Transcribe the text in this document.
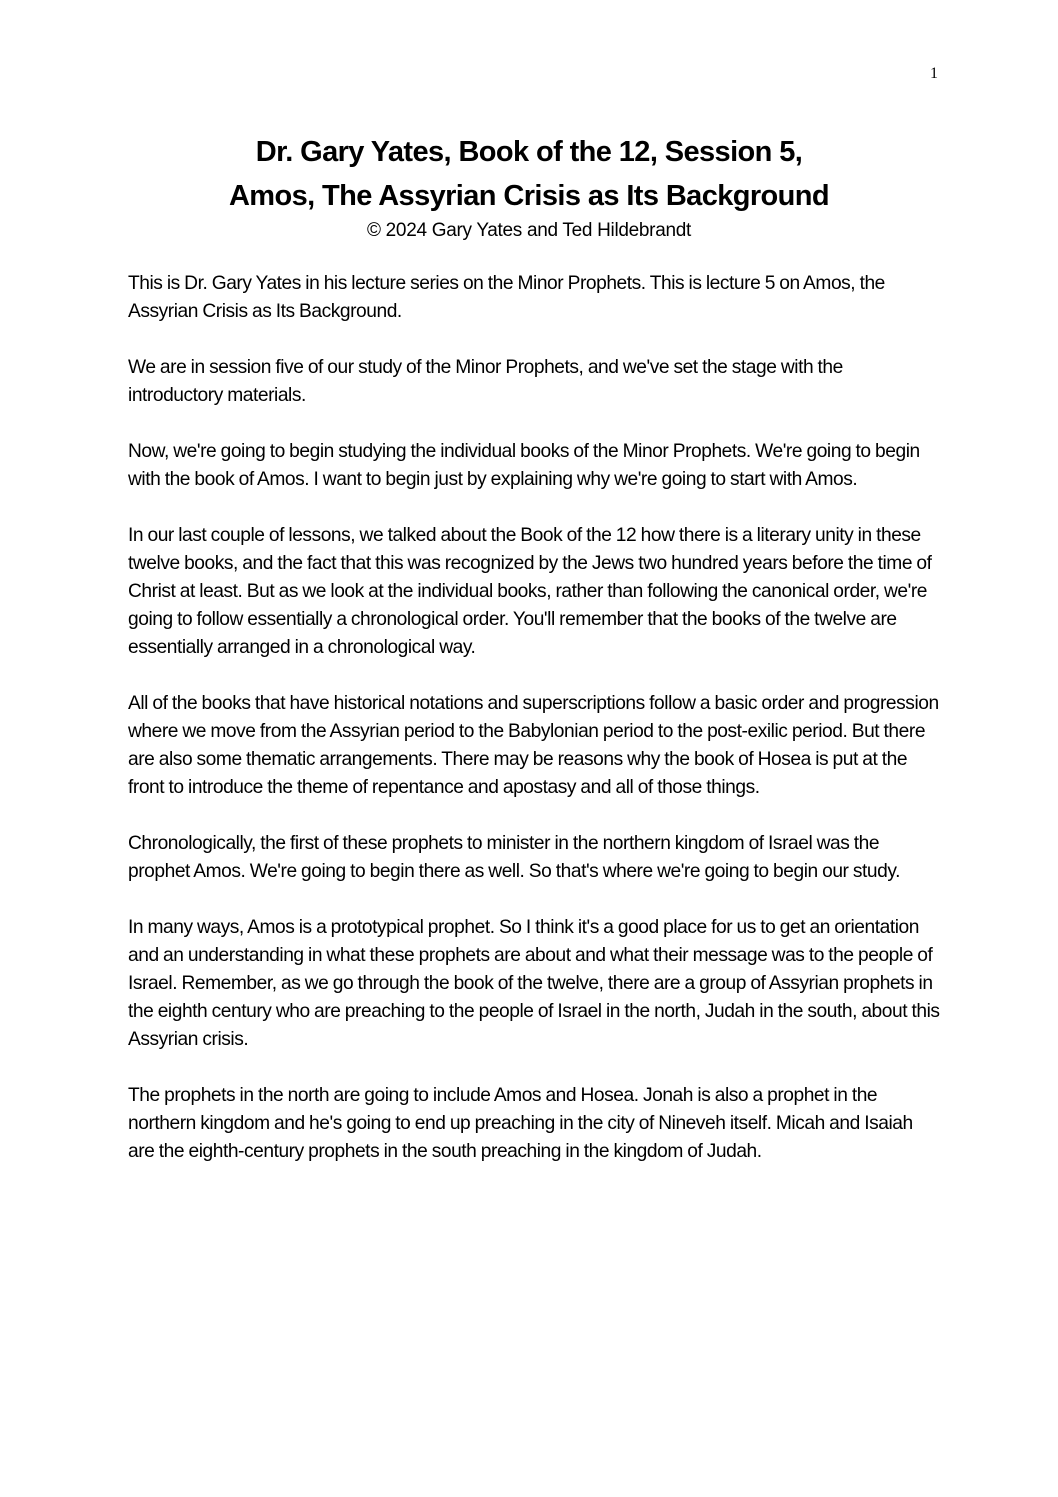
1
Dr. Gary Yates, Book of the 12, Session 5,
Amos, The Assyrian Crisis as Its Background

© 2024 Gary Yates and Ted Hildebrandt

This is Dr. Gary Yates in his lecture series on the Minor Prophets. This is lecture 5 on Amos, the Assyrian Crisis as Its Background.

We are in session five of our study of the Minor Prophets, and we've set the stage with the introductory materials.

Now, we're going to begin studying the individual books of the Minor Prophets. We're going to begin with the book of Amos. I want to begin just by explaining why we're going to start with Amos.

In our last couple of lessons, we talked about the Book of the 12 how there is a literary unity in these twelve books, and the fact that this was recognized by the Jews two hundred years before the time of Christ at least. But as we look at the individual books, rather than following the canonical order, we're going to follow essentially a chronological order. You'll remember that the books of the twelve are essentially arranged in a chronological way.

All of the books that have historical notations and superscriptions follow a basic order and progression where we move from the Assyrian period to the Babylonian period to the post-exilic period. But there are also some thematic arrangements. There may be reasons why the book of Hosea is put at the front to introduce the theme of repentance and apostasy and all of those things.

Chronologically, the first of these prophets to minister in the northern kingdom of Israel was the prophet Amos. We're going to begin there as well. So that's where we're going to begin our study.

In many ways, Amos is a prototypical prophet. So I think it's a good place for us to get an orientation and an understanding in what these prophets are about and what their message was to the people of Israel. Remember, as we go through the book of the twelve, there are a group of Assyrian prophets in the eighth century who are preaching to the people of Israel in the north, Judah in the south, about this Assyrian crisis.

The prophets in the north are going to include Amos and Hosea. Jonah is also a prophet in the northern kingdom and he's going to end up preaching in the city of Nineveh itself. Micah and Isaiah are the eighth-century prophets in the south preaching in the kingdom of Judah.
